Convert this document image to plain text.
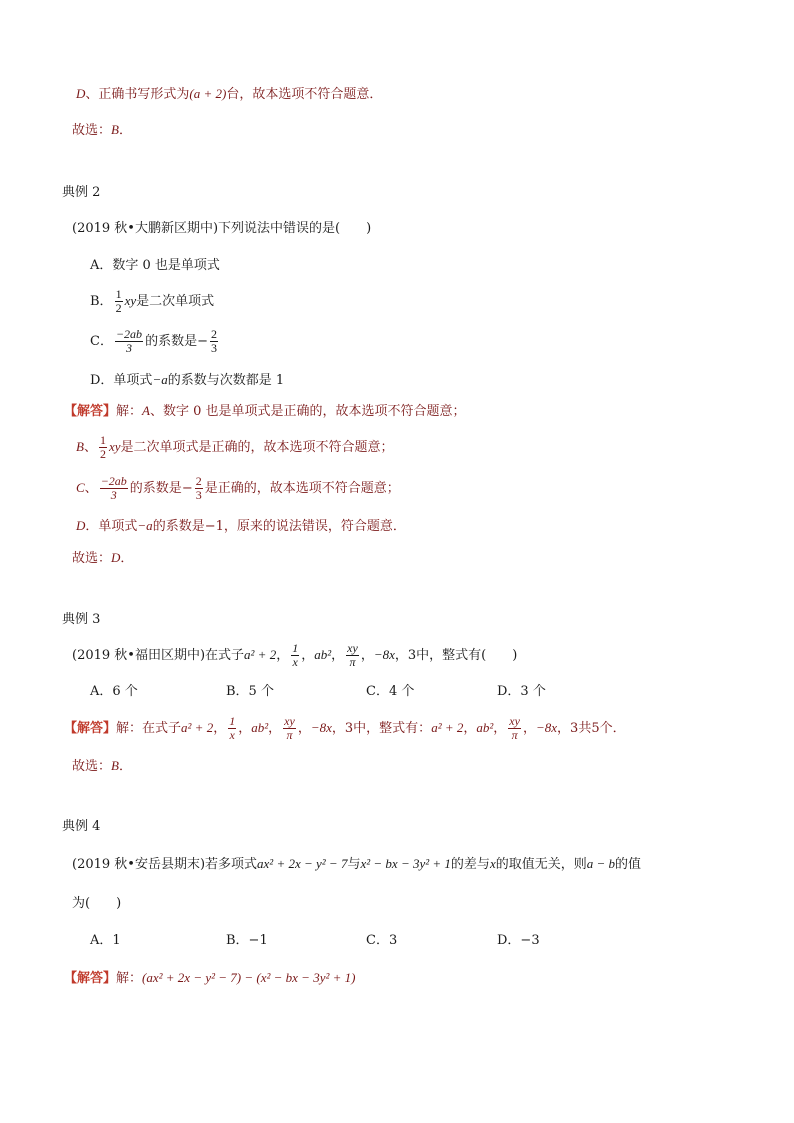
D、正确书写形式为(a + 2)台，故本选项不符合题意．
故选：B．
典例 2
(2019 秋•大鹏新区期中)下列说法中错误的是(　　)
A．数字 0 也是单项式
B． $\frac{1}{2}$ xy是二次单项式
C． $\frac{-2ab}{3}$ 的系数是− $\frac{2}{3}$
D．单项式−a的系数与次数都是 1
【解答】解：A、数字 0 也是单项式是正确的，故本选项不符合题意；
B、 $\frac{1}{2}$ xy是二次单项式是正确的，故本选项不符合题意；
C、 $\frac{-2ab}{3}$ 的系数是− $\frac{2}{3}$ 是正确的，故本选项不符合题意；
D．单项式−a的系数是−1，原来的说法错误，符合题意．
故选：D．
典例 3
(2019 秋•福田区期中)在式子a² + 2， $\frac{1}{x}$ ，ab²， $\frac{xy}{\pi}$ ，−8x，3中，整式有(　　)
A．6 个	B．5 个	C．4 个	D．3 个
【解答】解：在式子a² + 2， $\frac{1}{x}$ ，ab²， $\frac{xy}{\pi}$ ，−8x，3中，整式有：a² + 2，ab²， $\frac{xy}{\pi}$ ，−8x，3共5个．
故选：B．
典例 4
(2019 秋•安岳县期末)若多项式ax² + 2x − y² − 7与x² − bx − 3y² + 1的差与x的取值无关，则a − b的值
为(　　)
A．1	B．−1	C．3	D．−3
【解答】解：(ax² + 2x − y² − 7) − (x² − bx − 3y² + 1)
